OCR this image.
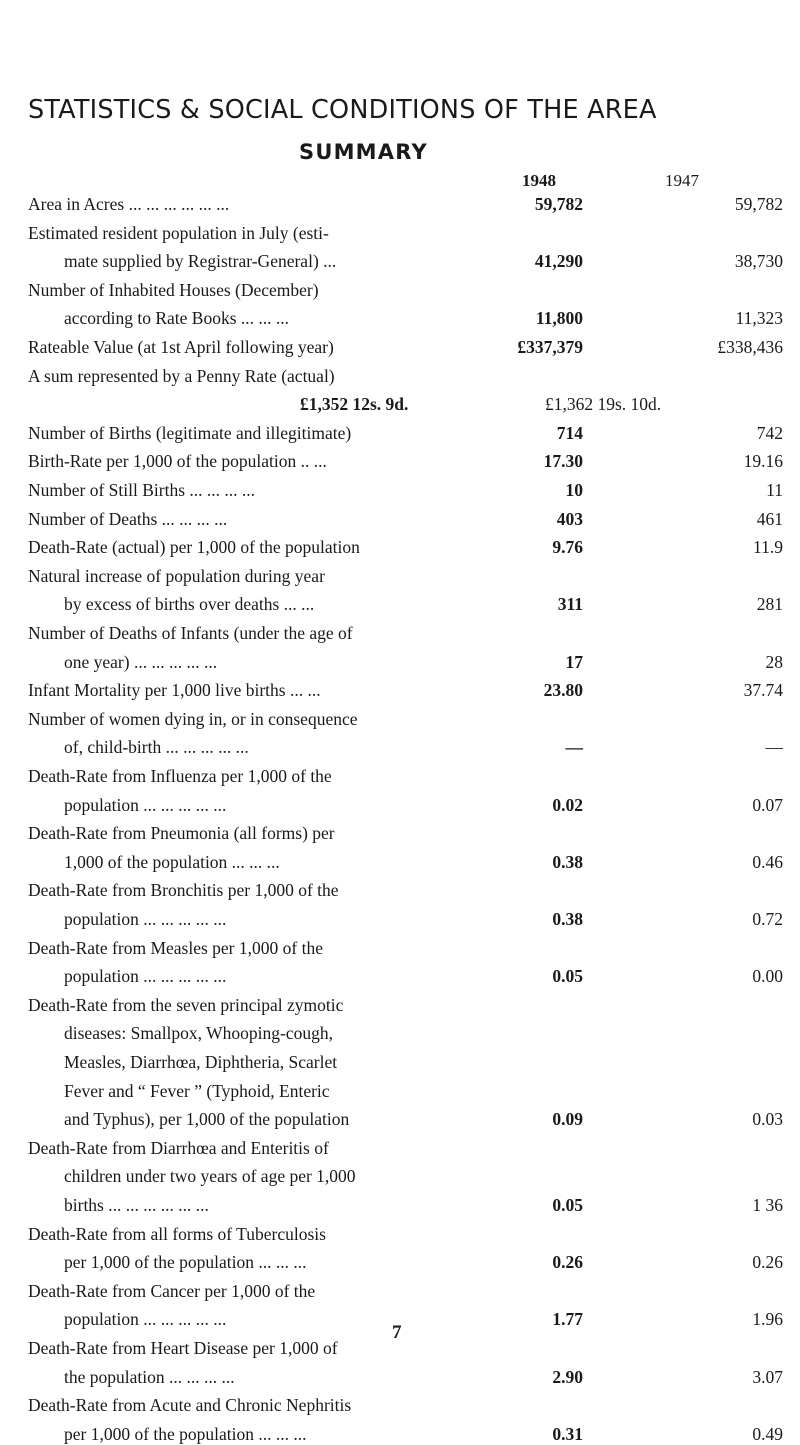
STATISTICS & SOCIAL CONDITIONS OF THE AREA
SUMMARY
1948	1947
Area in Acres ... ... ... ... ... ...	59,782	59,782
Estimated resident population in July (esti-
mate supplied by Registrar-General) ...	41,290	38,730
Number of Inhabited Houses (December)
according to Rate Books ... ... ...	11,800	11,323
Rateable Value (at 1st April following year)	£337,379	£338,436
A sum represented by a Penny Rate (actual)
£1,352 12s. 9d.	£1,362 19s. 10d.
Number of Births (legitimate and illegitimate)	714	742
Birth-Rate per 1,000 of the population .. ...	17.30	19.16
Number of Still Births ... ... ... ...	10	11
Number of Deaths ... ... ... ...	403	461
Death-Rate (actual) per 1,000 of the population	9.76	11.9
Natural increase of population during year
by excess of births over deaths ... ...	311	281
Number of Deaths of Infants (under the age of
one year) ... ... ... ... ...	17	28
Infant Mortality per 1,000 live births ... ...	23.80	37.74
Number of women dying in, or in consequence
of, child-birth ... ... ... ... ...	—	—
Death-Rate from Influenza per 1,000 of the
population ... ... ... ... ...	0.02	0.07
Death-Rate from Pneumonia (all forms) per
1,000 of the population ... ... ...	0.38	0.46
Death-Rate from Bronchitis per 1,000 of the
population ... ... ... ... ...	0.38	0.72
Death-Rate from Measles per 1,000 of the
population ... ... ... ... ...	0.05	0.00
Death-Rate from the seven principal zymotic
diseases: Smallpox, Whooping-cough,
Measles, Diarrhœa, Diphtheria, Scarlet
Fever and “ Fever ” (Typhoid, Enteric
and Typhus), per 1,000 of the population	0.09	0.03
Death-Rate from Diarrhœa and Enteritis of
children under two years of age per 1,000
births ... ... ... ... ... ...	0.05	1 36
Death-Rate from all forms of Tuberculosis
per 1,000 of the population ... ... ...	0.26	0.26
Death-Rate from Cancer per 1,000 of the
population ... ... ... ... ...	1.77	1.96
Death-Rate from Heart Disease per 1,000 of
the population ... ... ... ...	2.90	3.07
Death-Rate from Acute and Chronic Nephritis
per 1,000 of the population ... ... ...	0.31	0.49
7
